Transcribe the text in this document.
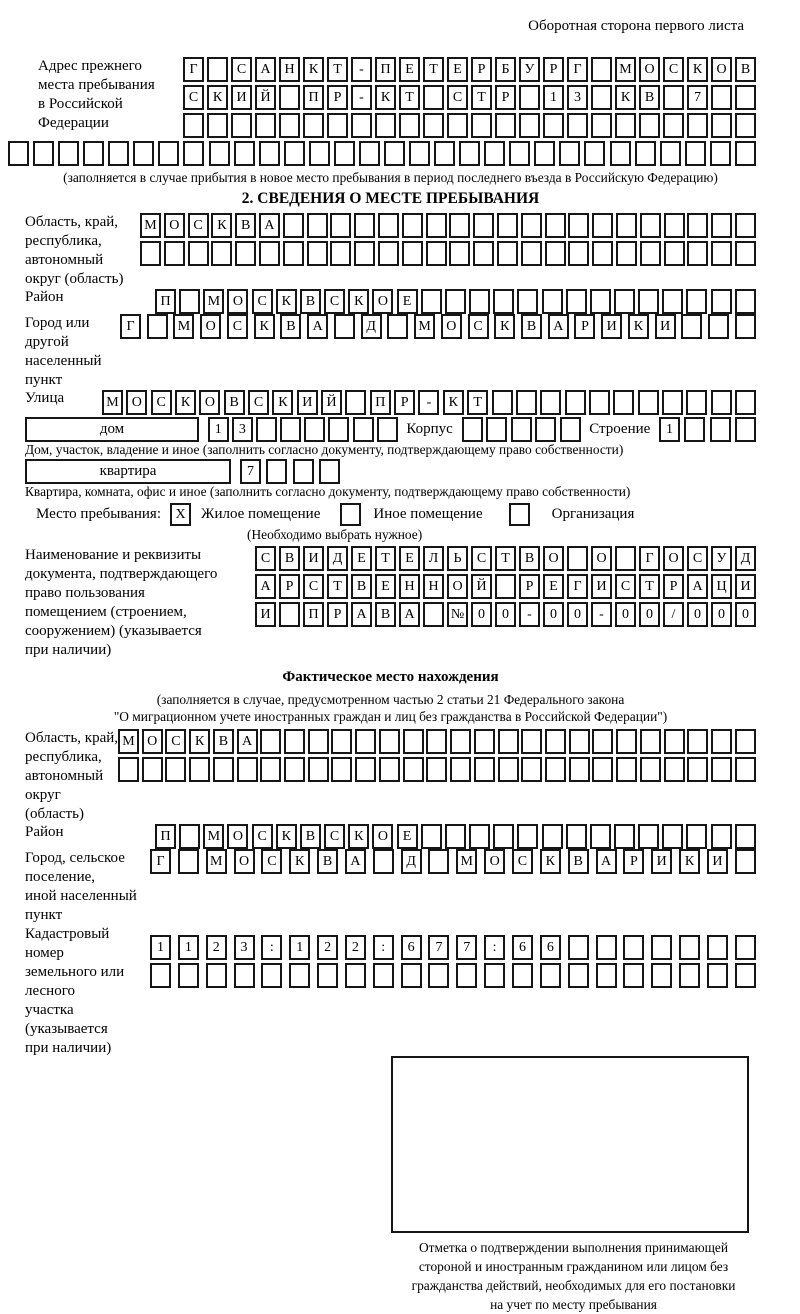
Оборотная сторона первого листа
Адрес прежнего
места пребывания
в Российской
Федерации
Г	С	А Н	К	Т	-	П	Е	Т	Е	Р	Б	У	Р	Г	М О	С	К	О	В
С	К	И Й	П	Р	-	К	Т	С	Т	Р	1	3	К	В	7
(заполняется в случае прибытия в новое место пребывания в период последнего въезда в Российскую Федерацию)
2. СВЕДЕНИЯ О МЕСТЕ ПРЕБЫВАНИЯ
Область, край,
республика,
автономный
округ (область)
М О	С	К	В	А
Район	П	М О	С	К	В	С	К	О	Е
Город или другой
населенный пункт
Г	М	О	С	К	В	А	Д	М	О	С	К	В	А	Р	И	К	И
Улица	М О	С	К	О	В	С	К	И	Й	П	Р	-	К	Т
дом	1	3	Корпус	Строение	1
Дом, участок, владение и иное (заполнить согласно документу, подтверждающему право собственности)
квартира	7
Квартира, комната, офис и иное (заполнить согласно документу, подтверждающему право собственности)
Место пребывания:	X	Жилое помещение	Иное помещение	Организация
(Необходимо выбрать нужное)
Наименование и реквизиты
документа, подтверждающего
право пользования
помещением (строением,
сооружением) (указывается
при наличии)
С	В	И	Д	Е	Т	Е	Л	Ь	С	Т	В	О	О	Г	О	С	У	Д
А	Р	С	Т	В	Е	Н Н О Й	Р	Е	Г	И	С	Т	Р	А Ц И
И	П	Р	А	В	А	№ 0	0	-	0	0	-	0	0	/	0	0	0
Фактическое место нахождения
(заполняется в случае, предусмотренном частью 2 статьи 21 Федерального закона
"О миграционном учете иностранных граждан и лиц без гражданства в Российской Федерации")
Область, край,
республика,
автономный округ
(область)
М О С	К	В А
Район	П	М О	С	К	В	С	К	О	Е
Город, сельское поселение,
иной населенный пункт
Г	М	О	С	К	В	А	Д	М	О	С	К	В	А	Р	И	К	И
Кадастровый номер
земельного или лесного
участка (указывается
при наличии)
1	1	2	3	:	1	2	2	:	6	7	7	:	6	6
Отметка о подтверждении выполнения принимающей
стороной и иностранным гражданином или лицом без
гражданства действий, необходимых для его постановки
на учет по месту пребывания
